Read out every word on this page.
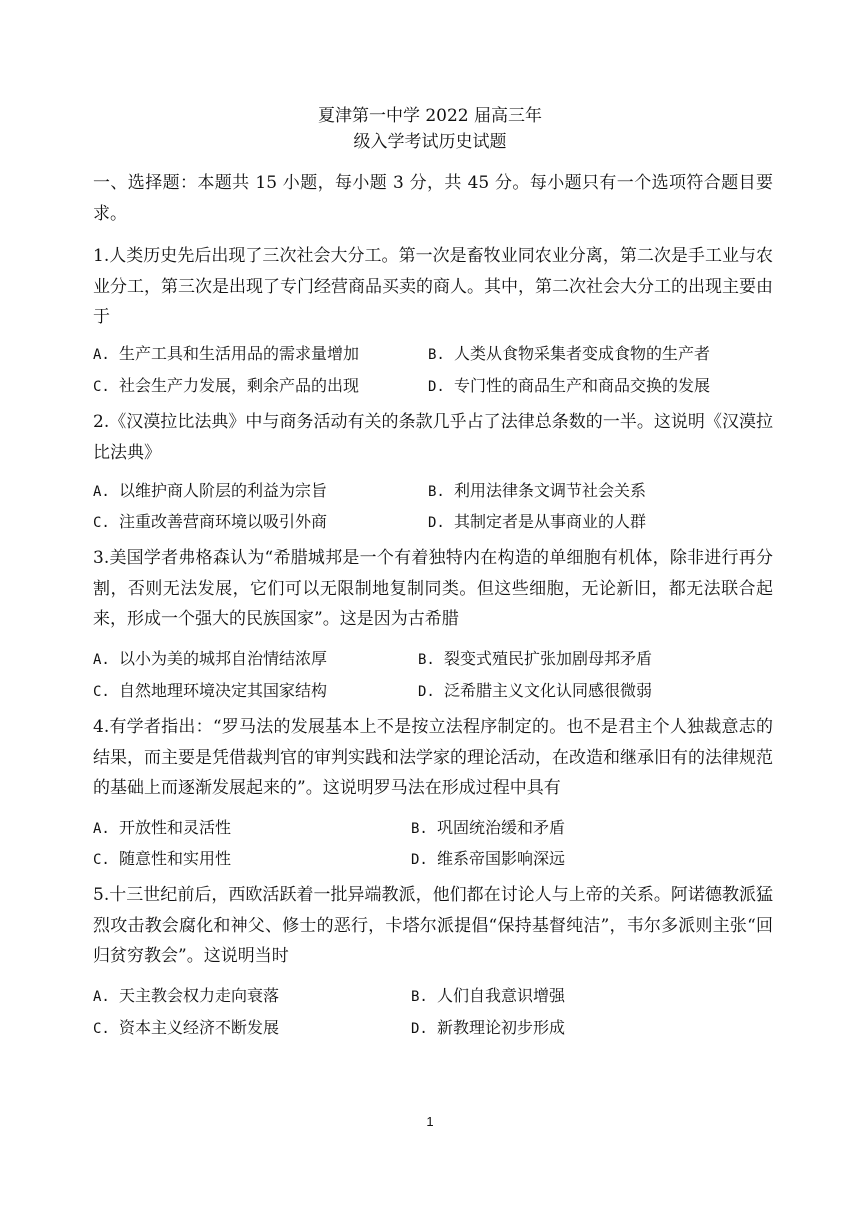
夏津第一中学 2022 届高三年
级入学考试历史试题
一、选择题：本题共 15 小题，每小题 3 分，共 45 分。每小题只有一个选项符合题目要求。
1.人类历史先后出现了三次社会大分工。第一次是畜牧业同农业分离，第二次是手工业与农业分工，第三次是出现了专门经营商品买卖的商人。其中，第二次社会大分工的出现主要由于
A. 生产工具和生活用品的需求量增加	B. 人类从食物采集者变成食物的生产者
C. 社会生产力发展，剩余产品的出现	D. 专门性的商品生产和商品交换的发展
2.《汉漠拉比法典》中与商务活动有关的条款几乎占了法律总条数的一半。这说明《汉漠拉比法典》
A. 以维护商人阶层的利益为宗旨	B. 利用法律条文调节社会关系
C. 注重改善营商环境以吸引外商	D. 其制定者是从事商业的人群
3.美国学者弗格森认为“希腊城邦是一个有着独特内在构造的单细胞有机体，除非进行再分割，否则无法发展，它们可以无限制地复制同类。但这些细胞，无论新旧，都无法联合起来，形成一个强大的民族国家”。这是因为古希腊
A. 以小为美的城邦自治情结浓厚	B. 裂变式殖民扩张加剧母邦矛盾
C. 自然地理环境决定其国家结构	D. 泛希腊主义文化认同感很微弱
4.有学者指出：“罗马法的发展基本上不是按立法程序制定的。也不是君主个人独裁意志的结果，而主要是凭借裁判官的审判实践和法学家的理论活动，在改造和继承旧有的法律规范的基础上而逐渐发展起来的”。这说明罗马法在形成过程中具有
A. 开放性和灵活性	B. 巩固统治缓和矛盾
C. 随意性和实用性	D. 维系帝国影响深远
5.十三世纪前后，西欧活跃着一批异端教派，他们都在讨论人与上帝的关系。阿诺德教派猛烈攻击教会腐化和神父、修士的恶行，卡塔尔派提倡“保持基督纯洁”，韦尔多派则主张“回归贫穷教会”。这说明当时
A. 天主教会权力走向衰落	B. 人们自我意识增强
C. 资本主义经济不断发展	D. 新教理论初步形成
1
